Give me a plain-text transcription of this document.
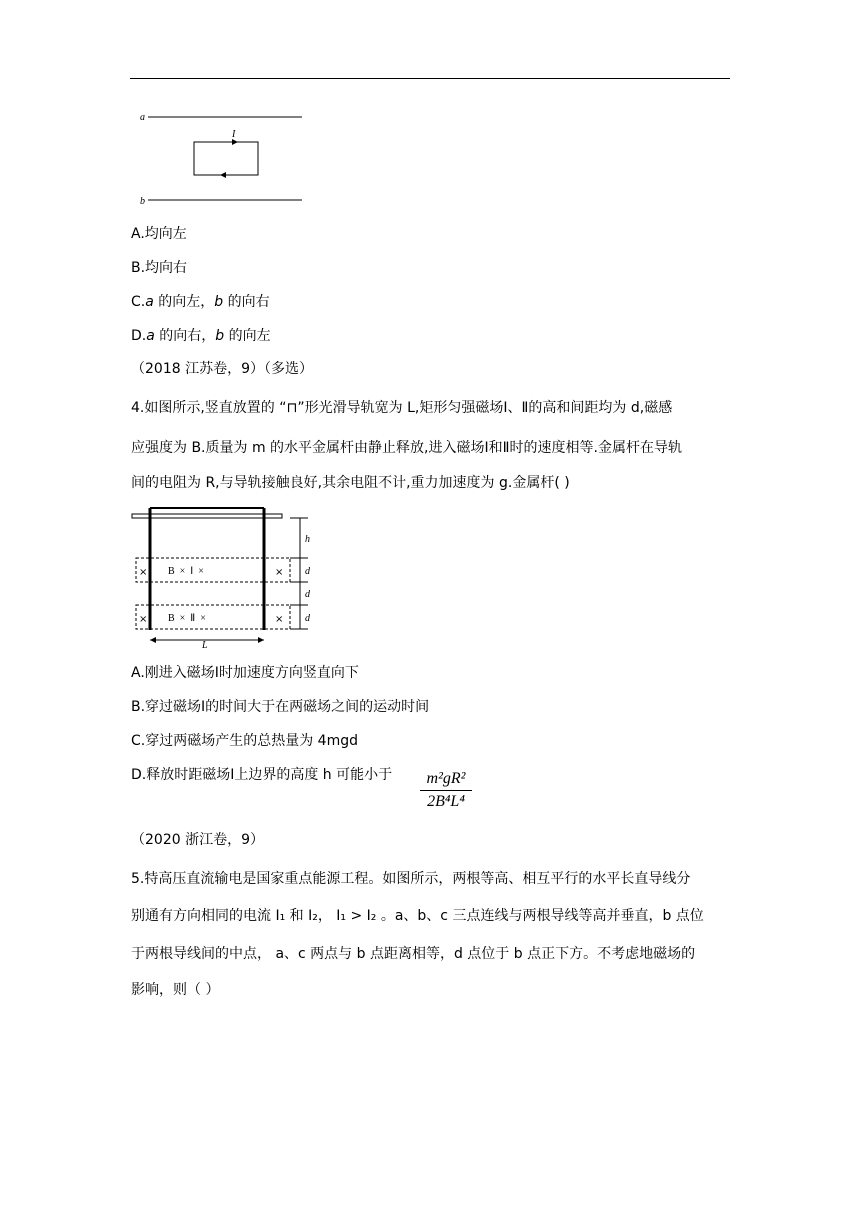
a
b
I
A.均向左
B.均向右
C.a 的向左，b 的向右
D.a 的向右，b 的向左
（2018 江苏卷，9）（多选）
4.如图所示,竖直放置的 “⊓”形光滑导轨宽为 L,矩形匀强磁场Ⅰ、Ⅱ的高和间距均为 d,磁感
应强度为 B.质量为 m 的水平金属杆由静止释放,进入磁场Ⅰ和Ⅱ时的速度相等.金属杆在导轨
间的电阻为 R,与导轨接触良好,其余电阻不计,重力加速度为 g.金属杆( )
×	×
×	×
B  ×  Ⅰ  ×
B  ×  Ⅱ  ×
h
d
d
d
L
A.刚进入磁场Ⅰ时加速度方向竖直向下
B.穿过磁场Ⅰ的时间大于在两磁场之间的运动时间
C.穿过两磁场产生的总热量为 4mgd
D.释放时距磁场Ⅰ上边界的高度 h 可能小于 $\frac{\text{m²gR²}}{\text{2B⁴L⁴}}$
（2020 浙江卷，9）
5.特高压直流输电是国家重点能源工程。如图所示，两根等高、相互平行的水平长直导线分
别通有方向相同的电流 I₁ 和 I₂， I₁ > I₂ 。a、b、c 三点连线与两根导线等高并垂直，b 点位
于两根导线间的中点， a、c 两点与 b 点距离相等，d 点位于 b 点正下方。不考虑地磁场的
影响，则（ ）
